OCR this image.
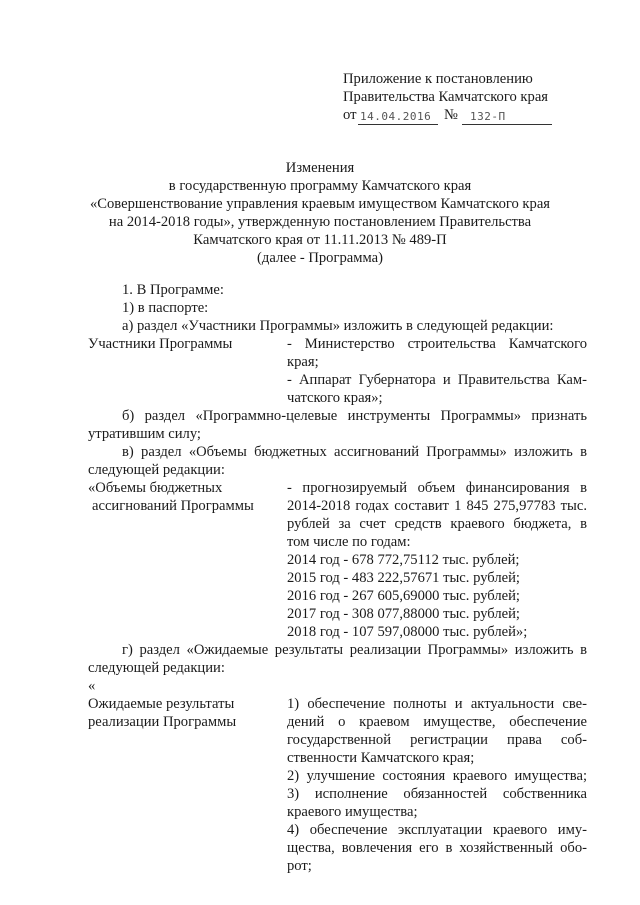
Приложение к постановлению
Правительства Камчатского края
от 14.04.2016 № 132-П
Изменения
в государственную программу Камчатского края
«Совершенствование управления краевым имуществом Камчатского края
на 2014-2018 годы», утвержденную постановлением Правительства
Камчатского края от 11.11.2013 № 489-П
(далее - Программа)
1. В Программе:
1) в паспорте:
а) раздел «Участники Программы» изложить в следующей редакции:
Участники Программы	- Министерство строительства Камчатского
края;
- Аппарат Губернатора и Правительства Кам-
чатского края»;
б) раздел «Программно-целевые инструменты Программы» признать
утратившим силу;
в) раздел «Объемы бюджетных ассигнований Программы» изложить в
следующей редакции:
«Объемы бюджетных
ассигнований Программы
- прогнозируемый объем финансирования в
2014-2018 годах составит 1 845 275,97783 тыс.
рублей за счет средств краевого бюджета, в
том числе по годам:
2014 год - 678 772,75112 тыс. рублей;
2015 год - 483 222,57671 тыс. рублей;
2016 год - 267 605,69000 тыс. рублей;
2017 год - 308 077,88000 тыс. рублей;
2018 год - 107 597,08000 тыс. рублей»;
г) раздел «Ожидаемые результаты реализации Программы» изложить в
следующей редакции:
«
Ожидаемые результаты
реализации Программы
1) обеспечение полноты и актуальности све-
дений о краевом имуществе, обеспечение
государственной регистрации права соб-
ственности Камчатского края;
2) улучшение состояния краевого имущества;
3) исполнение обязанностей собственника
краевого имущества;
4) обеспечение эксплуатации краевого иму-
щества, вовлечения его в хозяйственный обо-
рот;
